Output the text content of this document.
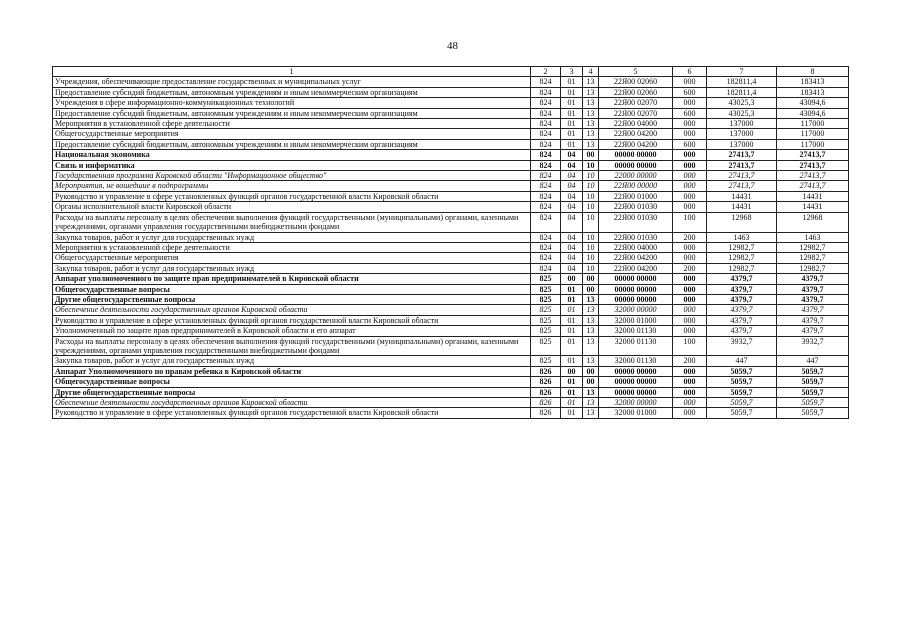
48
1	2	3	4	5	6	7	8
Учреждения, обеспечивающие предоставление государственных и муниципальных услуг	824	01	13	22Я00 02060	000	182811,4	183413
Предоставление субсидий бюджетным, автономным учреждениям и иным некоммерческим организациям	824	01	13	22Я00 02060	600	182811,4	183413
Учреждения в сфере информационно-коммуникационных технологий	824	01	13	22Я00 02070	000	43025,3	43094,6
Предоставление субсидий бюджетным, автономным учреждениям и иным некоммерческим организациям	824	01	13	22Я00 02070	600	43025,3	43094,6
Мероприятия в установленной сфере деятельности	824	01	13	22Я00 04000	000	137000	117000
Общегосударственные мероприятия	824	01	13	22Я00 04200	000	137000	117000
Предоставление субсидий бюджетным, автономным учреждениям и иным некоммерческим организациям	824	01	13	22Я00 04200	600	137000	117000
Национальная экономика	824	04	00	00000 00000	000	27413,7	27413,7
Связь и информатика	824	04	10	00000 00000	000	27413,7	27413,7
Государственная программа Кировской области "Информационное общество"	824	04	10	22000 00000	000	27413,7	27413,7
Мероприятия, не вошедшие в подпрограммы	824	04	10	22Я00 00000	000	27413,7	27413,7
Руководство и управление в сфере установленных функций органов государственной власти Кировской области	824	04	10	22Я00 01000	000	14431	14431
Органы исполнительной власти Кировской области	824	04	10	22Я00 01030	000	14431	14431
Расходы на выплаты персоналу в целях обеспечения выполнения функций государственными (муниципальными) органами, казенными учреждениями, органами управления государственными внебюджетными фондами	824	04	10	22Я00 01030	100	12968	12968
Закупка товаров, работ и услуг для государственных нужд	824	04	10	22Я00 01030	200	1463	1463
Мероприятия в установленной сфере деятельности	824	04	10	22Я00 04000	000	12982,7	12982,7
Общегосударственные мероприятия	824	04	10	22Я00 04200	000	12982,7	12982,7
Закупка товаров, работ и услуг для государственных нужд	824	04	10	22Я00 04200	200	12982,7	12982,7
Аппарат уполномоченного по защите прав предпринимателей в Кировской области	825	00	00	00000 00000	000	4379,7	4379,7
Общегосударственные вопросы	825	01	00	00000 00000	000	4379,7	4379,7
Другие общегосударственные вопросы	825	01	13	00000 00000	000	4379,7	4379,7
Обеспечение деятельности государственных органов Кировской области	825	01	13	32000 00000	000	4379,7	4379,7
Руководство и управление в сфере установленных функций органов государственной власти Кировской области	825	01	13	32000 01000	000	4379,7	4379,7
Уполномоченный по защите прав предпринимателей в Кировской области и его аппарат	825	01	13	32000 01130	000	4379,7	4379,7
Расходы на выплаты персоналу в целях обеспечения выполнения функций государственными (муниципальными) органами, казенными учреждениями, органами управления государственными внебюджетными фондами	825	01	13	32000 01130	100	3932,7	3932,7
Закупка товаров, работ и услуг для государственных нужд	825	01	13	32000 01130	200	447	447
Аппарат Уполномоченного по правам ребенка в Кировской области	826	00	00	00000 00000	000	5059,7	5059,7
Общегосударственные вопросы	826	01	00	00000 00000	000	5059,7	5059,7
Другие общегосударственные вопросы	826	01	13	00000 00000	000	5059,7	5059,7
Обеспечение деятельности государственных органов Кировской области	826	01	13	32000 00000	000	5059,7	5059,7
Руководство и управление в сфере установленных функций органов государственной власти Кировской области	826	01	13	32000 01000	000	5059,7	5059,7
